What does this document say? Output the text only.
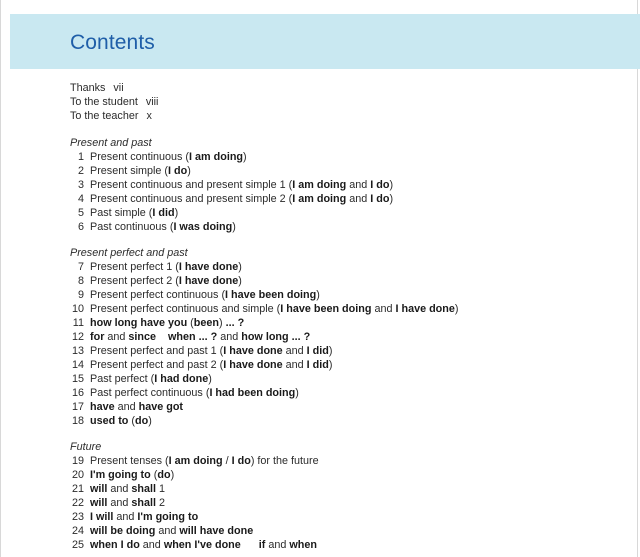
Contents
Thanks vii
To the student viii
To the teacher x
Present and past
1 Present continuous (I am doing)
2 Present simple (I do)
3 Present continuous and present simple 1 (I am doing and I do)
4 Present continuous and present simple 2 (I am doing and I do)
5 Past simple (I did)
6 Past continuous (I was doing)
Present perfect and past
7 Present perfect 1 (I have done)
8 Present perfect 2 (I have done)
9 Present perfect continuous (I have been doing)
10 Present perfect continuous and simple (I have been doing and I have done)
11 how long have you (been) ... ?
12 for and since when ... ? and how long ... ?
13 Present perfect and past 1 (I have done and I did)
14 Present perfect and past 2 (I have done and I did)
15 Past perfect (I had done)
16 Past perfect continuous (I had been doing)
17 have and have got
18 used to (do)
Future
19 Present tenses (I am doing / I do) for the future
20 I'm going to (do)
21 will and shall 1
22 will and shall 2
23 I will and I'm going to
24 will be doing and will have done
25 when I do and when I've done if and when
